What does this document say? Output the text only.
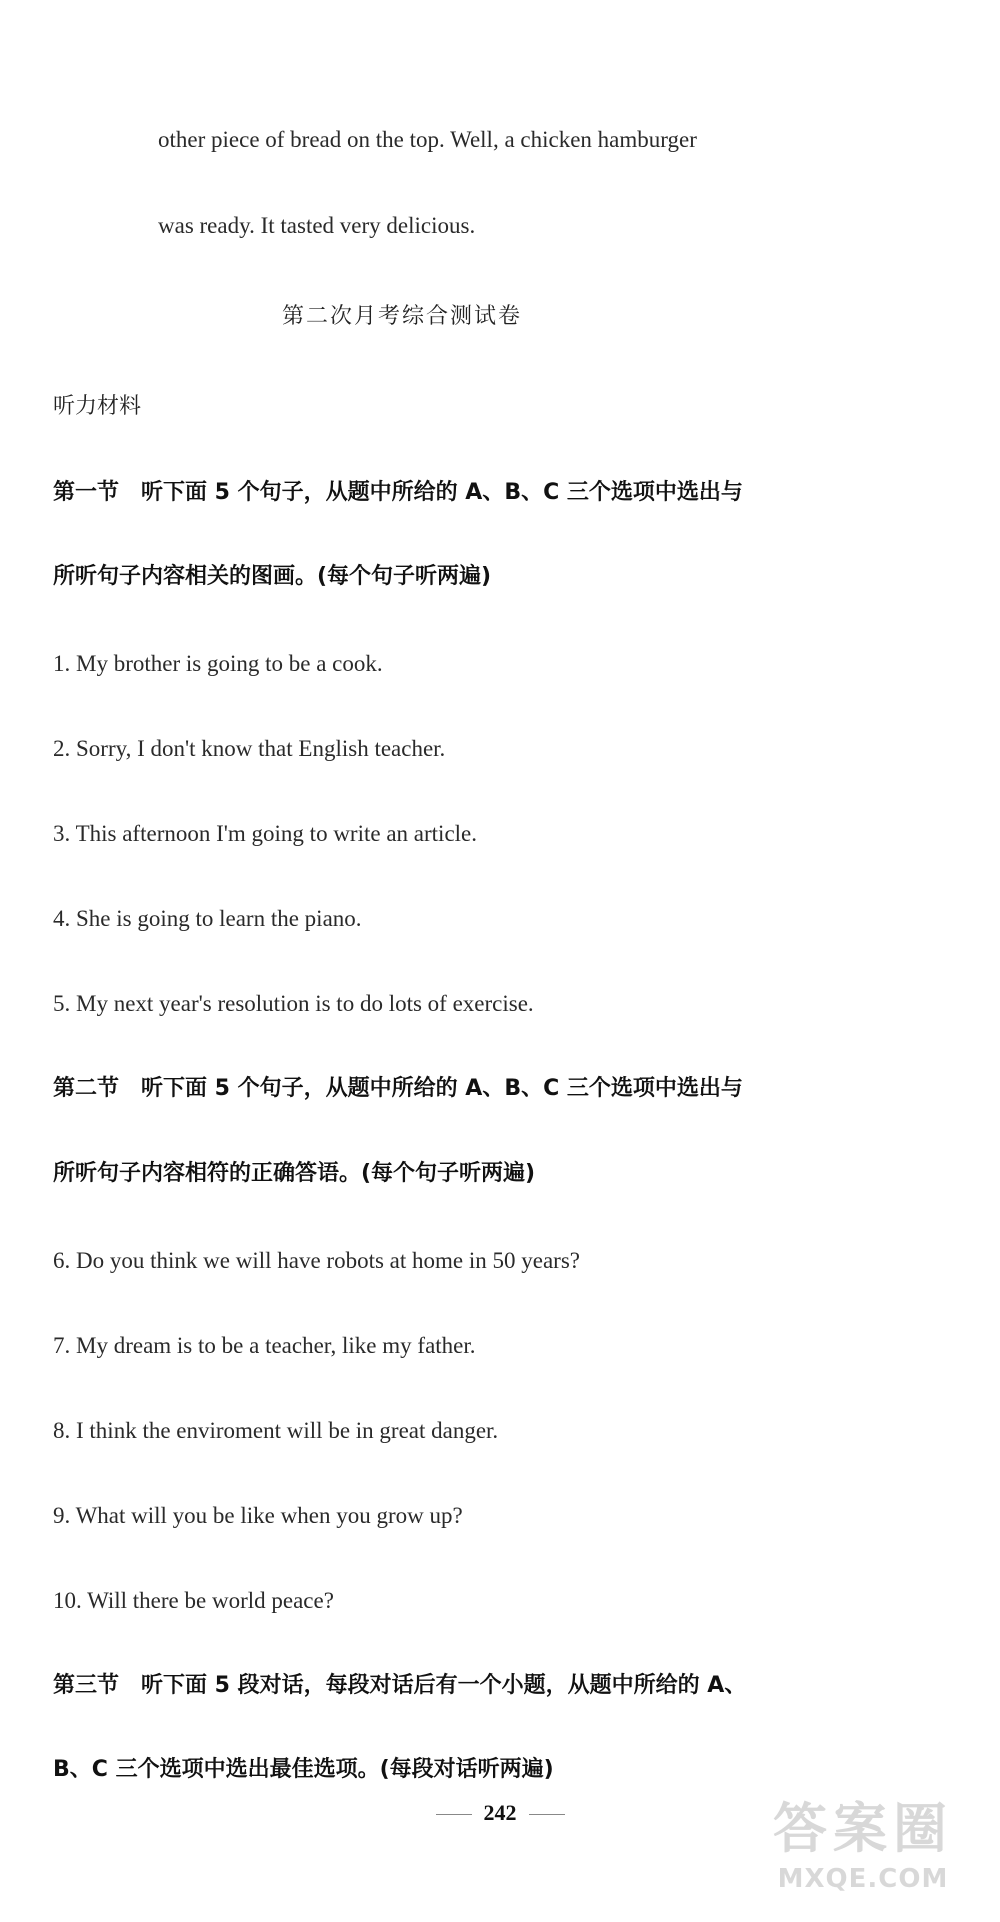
other piece of bread on the top. Well, a chicken hamburger
was ready. It tasted very delicious.
第二次月考综合测试卷
听力材料
第一节　听下面 5 个句子，从题中所给的 A、B、C 三个选项中选出与
所听句子内容相关的图画。(每个句子听两遍)
1. My brother is going to be a cook.
2. Sorry, I don't know that English teacher.
3. This afternoon I'm going to write an article.
4. She is going to learn the piano.
5. My next year's resolution is to do lots of exercise.
第二节　听下面 5 个句子，从题中所给的 A、B、C 三个选项中选出与
所听句子内容相符的正确答语。(每个句子听两遍)
6. Do you think we will have robots at home in 50 years?
7. My dream is to be a teacher, like my father.
8. I think the enviroment will be in great danger.
9. What will you be like when you grow up?
10. Will there be world peace?
第三节　听下面 5 段对话，每段对话后有一个小题，从题中所给的 A、
B、C 三个选项中选出最佳选项。(每段对话听两遍)
242	答案圈
MXQE.COM
